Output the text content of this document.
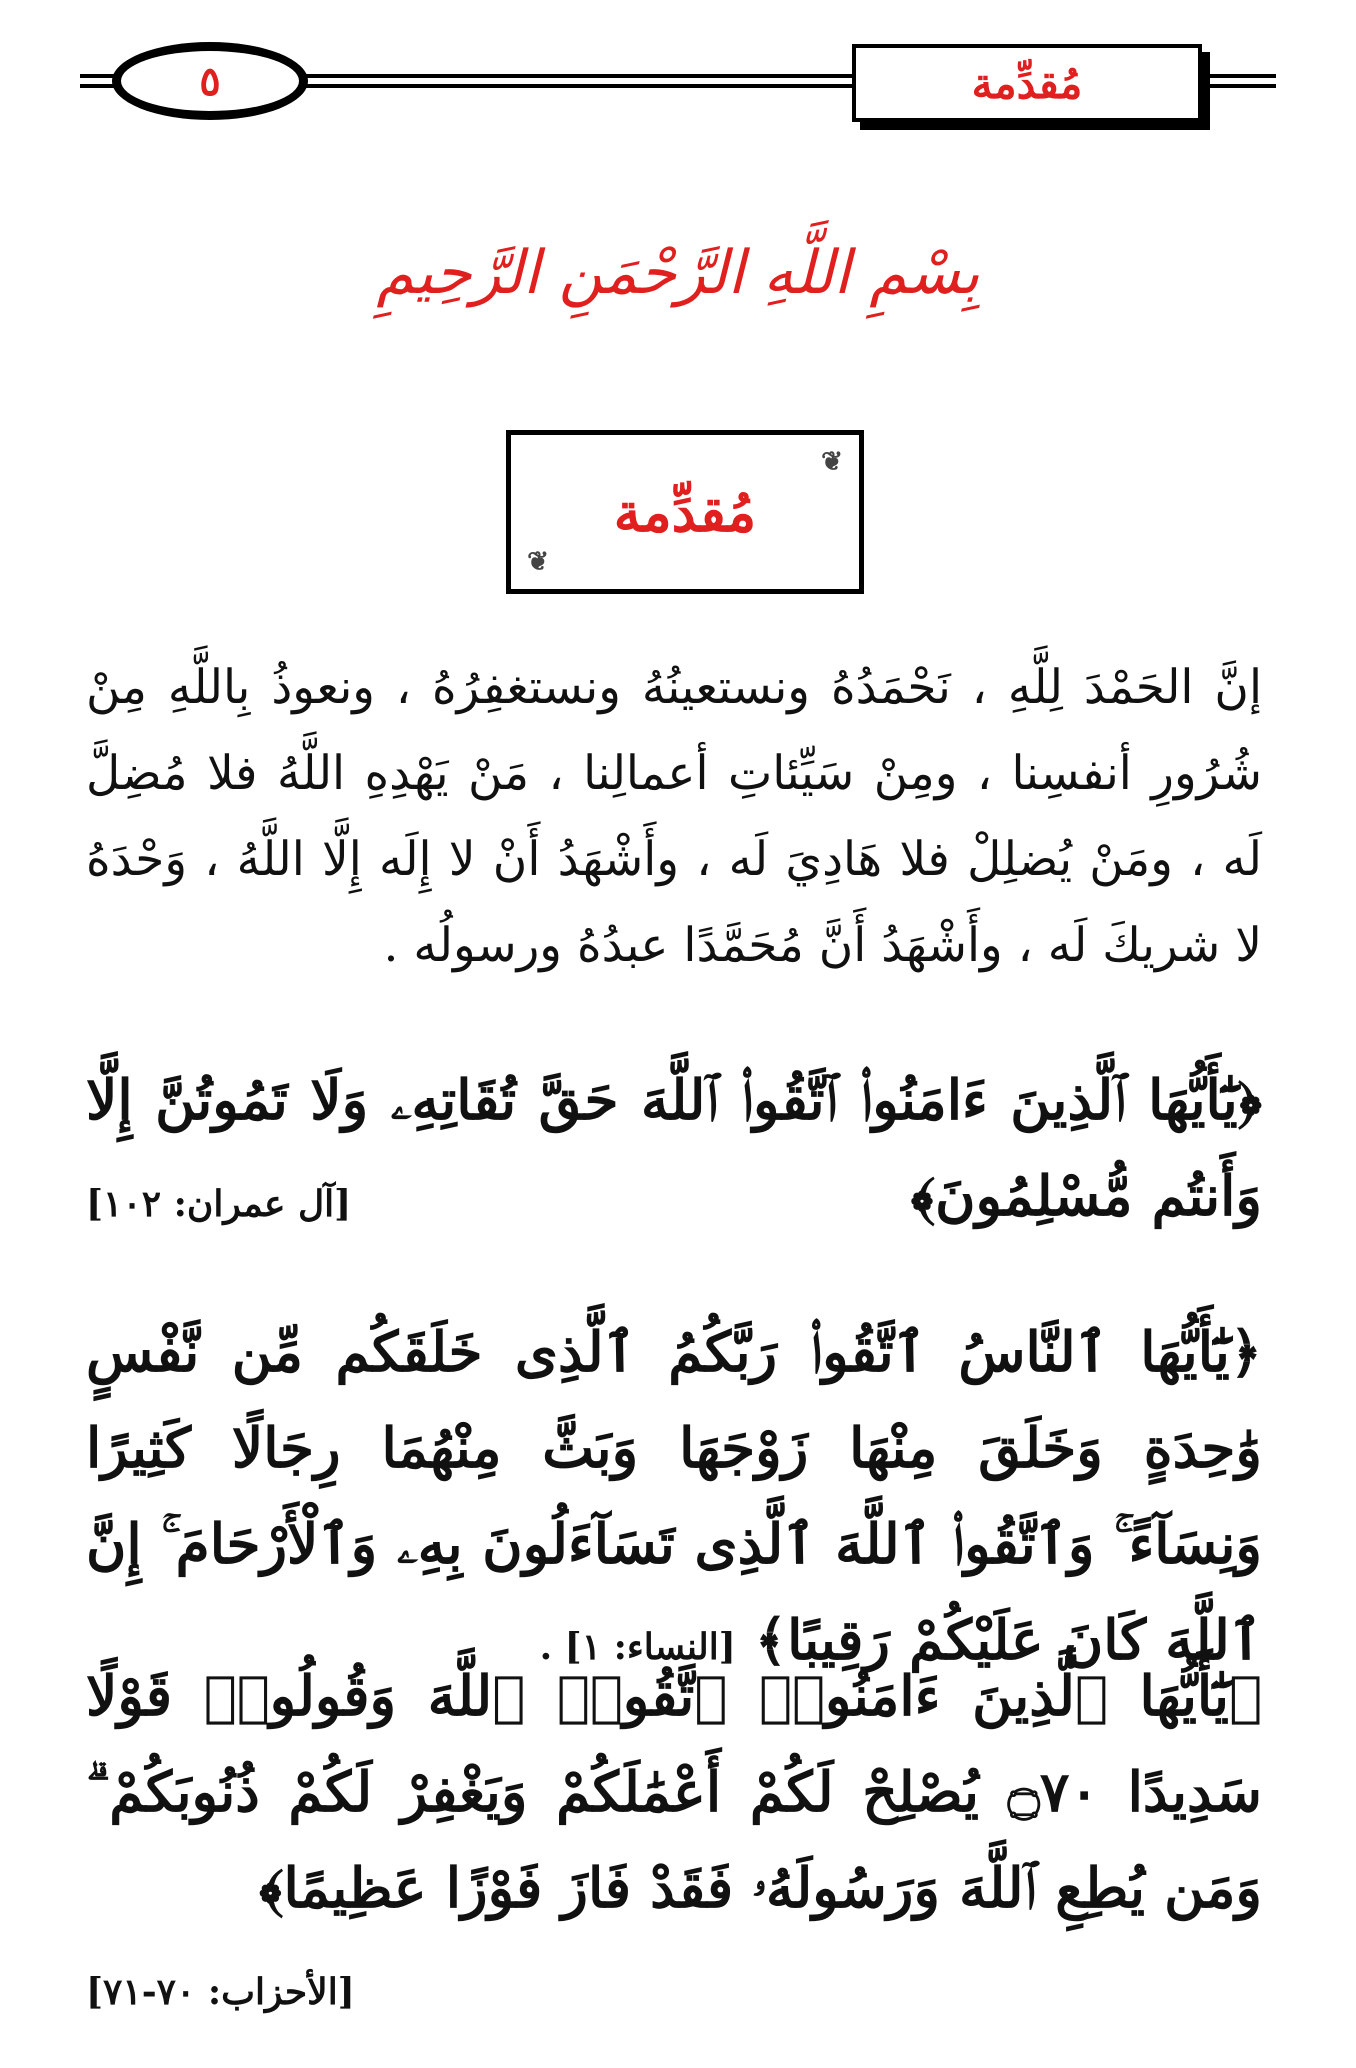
٥	مُقدِّمة
بِسْمِ اللَّهِ الرَّحْمَنِ الرَّحِيمِ
❦
❦
مُقدِّمة
إنَّ الحَمْدَ لِلَّهِ ، نَحْمَدُهُ ونستعينُهُ ونستغفِرُهُ ، ونعوذُ بِاللَّهِ مِنْ شُرُورِ أنفسِنا ، ومِنْ سَيِّئاتِ أعمالِنا ، مَنْ يَهْدِهِ اللَّهُ فلا مُضِلَّ لَه ، ومَنْ يُضلِلْ فلا هَادِيَ لَه ، وأَشْهَدُ أَنْ لا إِلَه إِلَّا اللَّهُ ، وَحْدَهُ لا شريكَ لَه ، وأَشْهَدُ أَنَّ مُحَمَّدًا عبدُهُ ورسولُه .
﴿يَٰٓأَيُّهَا ٱلَّذِينَ ءَامَنُوا۟ ٱتَّقُوا۟ ٱللَّهَ حَقَّ تُقَاتِهِۦ وَلَا تَمُوتُنَّ إِلَّا وَأَنتُم مُّسْلِمُونَ﴾
[آل عمران: ١٠٢]
﴿يَٰٓأَيُّهَا ٱلنَّاسُ ٱتَّقُوا۟ رَبَّكُمُ ٱلَّذِى خَلَقَكُم مِّن نَّفْسٍ وَٰحِدَةٍ وَخَلَقَ مِنْهَا زَوْجَهَا وَبَثَّ مِنْهُمَا رِجَالًا كَثِيرًا وَنِسَآءً ۚ وَٱتَّقُوا۟ ٱللَّهَ ٱلَّذِى تَسَآءَلُونَ بِهِۦ وَٱلْأَرْحَامَ ۚ إِنَّ ٱللَّهَ كَانَ عَلَيْكُمْ رَقِيبًا﴾ [النساء: ١] .
﴿يَٰٓأَيُّهَا ٱلَّذِينَ ءَامَنُوا۟ ٱتَّقُوا۟ ٱللَّهَ وَقُولُوا۟ قَوْلًا سَدِيدًا ۝٧٠ يُصْلِحْ لَكُمْ أَعْمَٰلَكُمْ وَيَغْفِرْ لَكُمْ ذُنُوبَكُمْ ۗ وَمَن يُطِعِ ٱللَّهَ وَرَسُولَهُۥ فَقَدْ فَازَ فَوْزًا عَظِيمًا﴾
[الأحزاب: ٧٠-٧١]
